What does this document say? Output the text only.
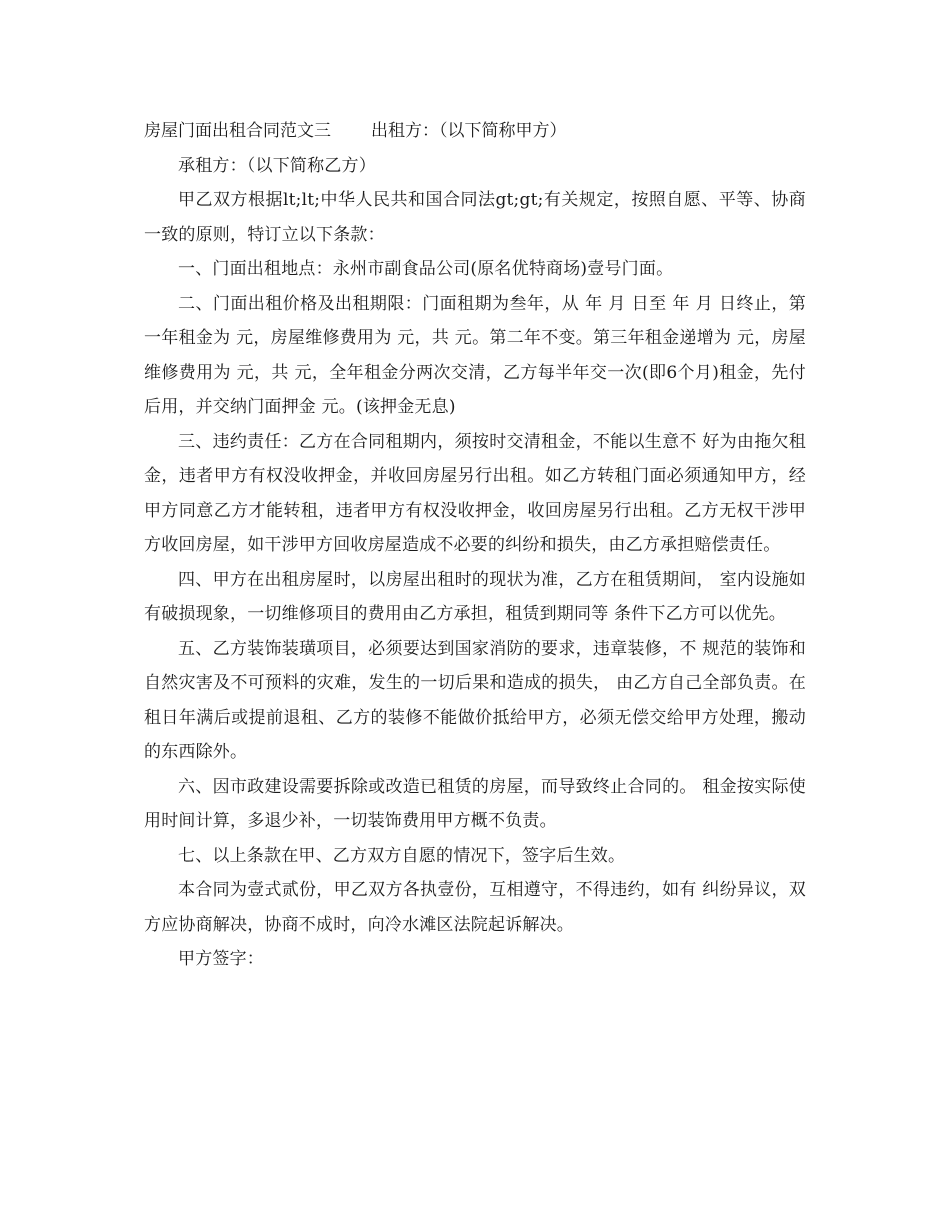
房屋门面出租合同范文三 出租方：（以下简称甲方）

承租方：（以下简称乙方）

甲乙双方根据lt;lt;中华人民共和国合同法gt;gt;有关规定，按照自愿、平等、协商一致的原则，特订立以下条款：

一、门面出租地点：永州市副食品公司(原名优特商场)壹号门面。

二、门面出租价格及出租期限：门面租期为叁年，从 年 月 日至 年 月 日终止，第一年租金为 元，房屋维修费用为 元，共 元。第二年不变。第三年租金递增为 元，房屋维修费用为 元，共 元，全年租金分两次交清，乙方每半年交一次(即6个月)租金，先付后用，并交纳门面押金 元。(该押金无息)

三、违约责任：乙方在合同租期内，须按时交清租金，不能以生意不 好为由拖欠租金，违者甲方有权没收押金，并收回房屋另行出租。如乙方转租门面必须通知甲方，经甲方同意乙方才能转租，违者甲方有权没收押金，收回房屋另行出租。乙方无权干涉甲方收回房屋，如干涉甲方回收房屋造成不必要的纠纷和损失，由乙方承担赔偿责任。

四、甲方在出租房屋时，以房屋出租时的现状为准，乙方在租赁期间， 室内设施如有破损现象，一切维修项目的费用由乙方承担，租赁到期同等 条件下乙方可以优先。

五、乙方装饰装璜项目，必须要达到国家消防的要求，违章装修，不 规范的装饰和自然灾害及不可预料的灾难，发生的一切后果和造成的损失， 由乙方自己全部负责。在租日年满后或提前退租、乙方的装修不能做价抵给甲方，必须无偿交给甲方处理，搬动的东西除外。

六、因市政建设需要拆除或改造已租赁的房屋，而导致终止合同的。 租金按实际使用时间计算，多退少补，一切装饰费用甲方概不负责。

七、以上条款在甲、乙方双方自愿的情况下，签字后生效。

本合同为壹式贰份，甲乙双方各执壹份，互相遵守，不得违约，如有 纠纷异议，双方应协商解决，协商不成时，向冷水滩区法院起诉解决。

甲方签字：
